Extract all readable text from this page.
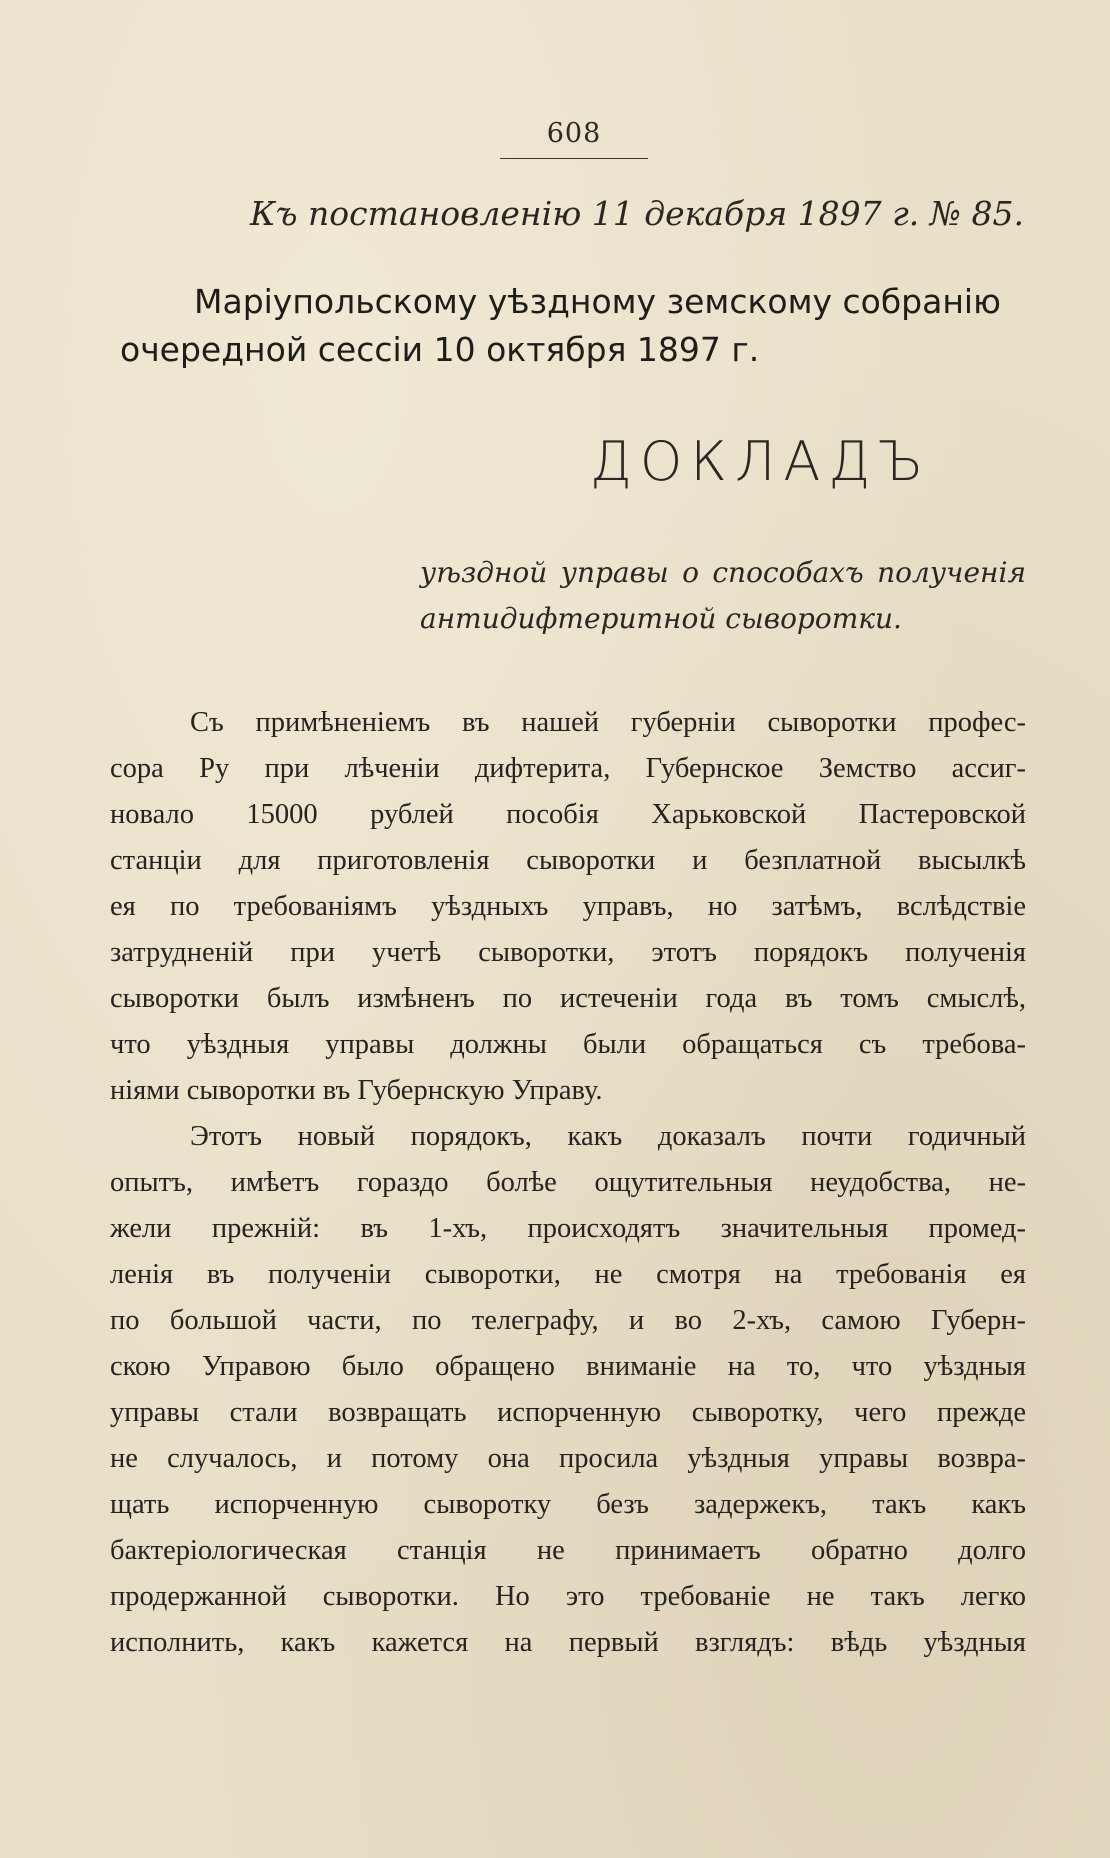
608
Къ постановленію 11 декабря 1897 г. № 85.
Маріупольскому уѣздному земскому собранію
очередной сессіи 10 октября 1897 г.
ДОКЛАДЪ
уѣздной управы о способахъ полученія
антидифтеритной сыворотки.
Съ примѣненіемъ въ нашей губерніи сыворотки профес-
сора Ру при лѣченіи дифтерита, Губернское Земство ассиг-
новало 15000 рублей пособія Харьковской Пастеровской
станціи для приготовленія сыворотки и безплатной высылкѣ
ея по требованіямъ уѣздныхъ управъ, но затѣмъ, вслѣдствіе
затрудненій при учетѣ сыворотки, этотъ порядокъ полученія
сыворотки былъ измѣненъ по истеченіи года въ томъ смыслѣ,
что уѣздныя управы должны были обращаться съ требова-
ніями сыворотки въ Губернскую Управу.
Этотъ новый порядокъ, какъ доказалъ почти годичный
опытъ, имѣетъ гораздо болѣе ощутительныя неудобства, не-
жели прежній: въ 1-хъ, происходятъ значительныя промед-
ленія въ полученіи сыворотки, не смотря на требованія ея
по большой части, по телеграфу, и во 2-хъ, самою Губерн-
скою Управою было обращено вниманіе на то, что уѣздныя
управы стали возвращать испорченную сыворотку, чего прежде
не случалось, и потому она просила уѣздныя управы возвра-
щать испорченную сыворотку безъ задержекъ, такъ какъ
бактеріологическая станція не принимаетъ обратно долго
продержанной сыворотки. Но это требованіе не такъ легко
исполнить, какъ кажется на первый взглядъ: вѣдь уѣздныя
